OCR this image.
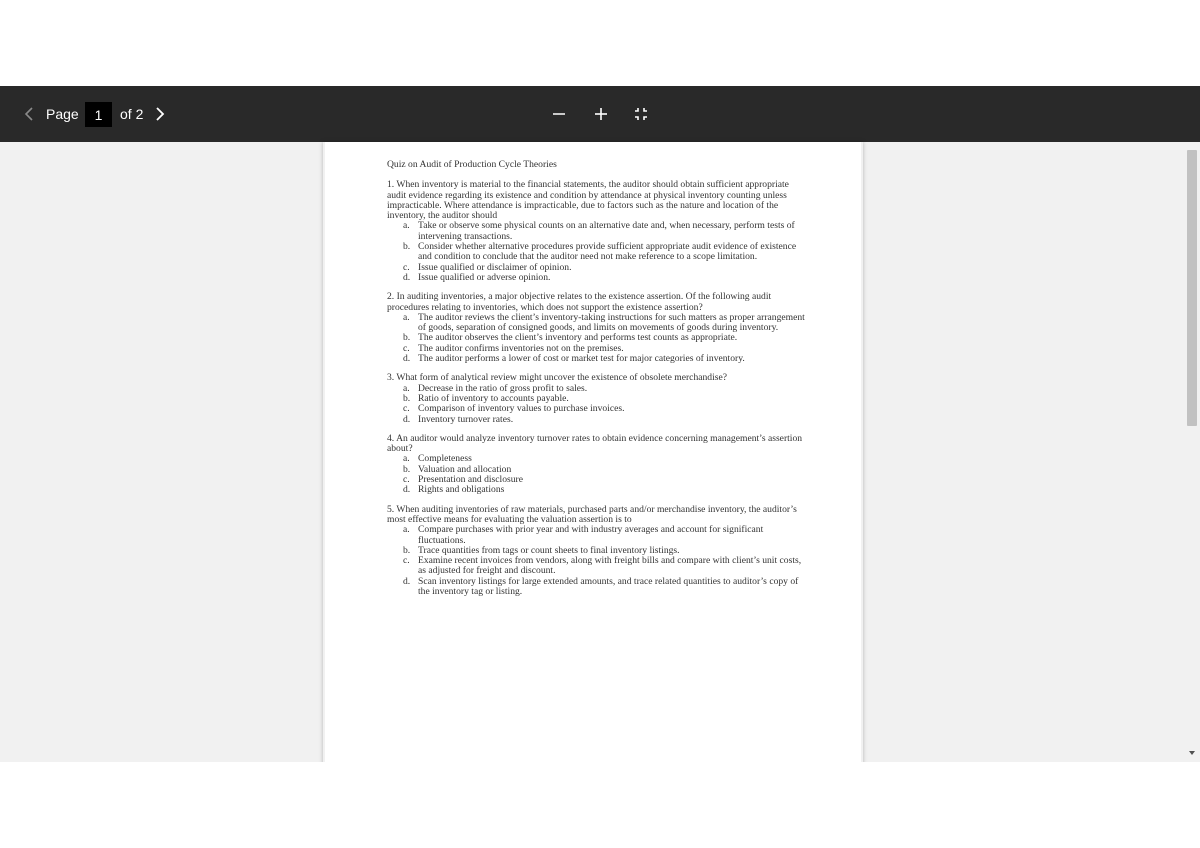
Page
1	of 2

Quiz on Audit of Production Cycle Theories

1. When inventory is material to the financial statements, the auditor should obtain sufficient appropriate audit evidence regarding its existence and condition by attendance at physical inventory counting unless impracticable. Where attendance is impracticable, due to factors such as the nature and location of the inventory, the auditor should

a. Take or observe some physical counts on an alternative date and, when necessary, perform tests of intervening transactions.
b. Consider whether alternative procedures provide sufficient appropriate audit evidence of existence and condition to conclude that the auditor need not make reference to a scope limitation.
c. Issue qualified or disclaimer of opinion.
d. Issue qualified or adverse opinion.

2. In auditing inventories, a major objective relates to the existence assertion. Of the following audit procedures relating to inventories, which does not support the existence assertion?

a. The auditor reviews the client’s inventory-taking instructions for such matters as proper arrangement of goods, separation of consigned goods, and limits on movements of goods during inventory.
b. The auditor observes the client’s inventory and performs test counts as appropriate.
c. The auditor confirms inventories not on the premises.
d. The auditor performs a lower of cost or market test for major categories of inventory.

3. What form of analytical review might uncover the existence of obsolete merchandise?

a. Decrease in the ratio of gross profit to sales.
b. Ratio of inventory to accounts payable.
c. Comparison of inventory values to purchase invoices.
d. Inventory turnover rates.

4. An auditor would analyze inventory turnover rates to obtain evidence concerning management’s assertion about?

a. Completeness
b. Valuation and allocation
c. Presentation and disclosure
d. Rights and obligations

5. When auditing inventories of raw materials, purchased parts and/or merchandise inventory, the auditor’s most effective means for evaluating the valuation assertion is to

a. Compare purchases with prior year and with industry averages and account for significant fluctuations.
b. Trace quantities from tags or count sheets to final inventory listings.
c. Examine recent invoices from vendors, along with freight bills and compare with client’s unit costs, as adjusted for freight and discount.
d. Scan inventory listings for large extended amounts, and trace related quantities to auditor’s copy of the inventory tag or listing.
